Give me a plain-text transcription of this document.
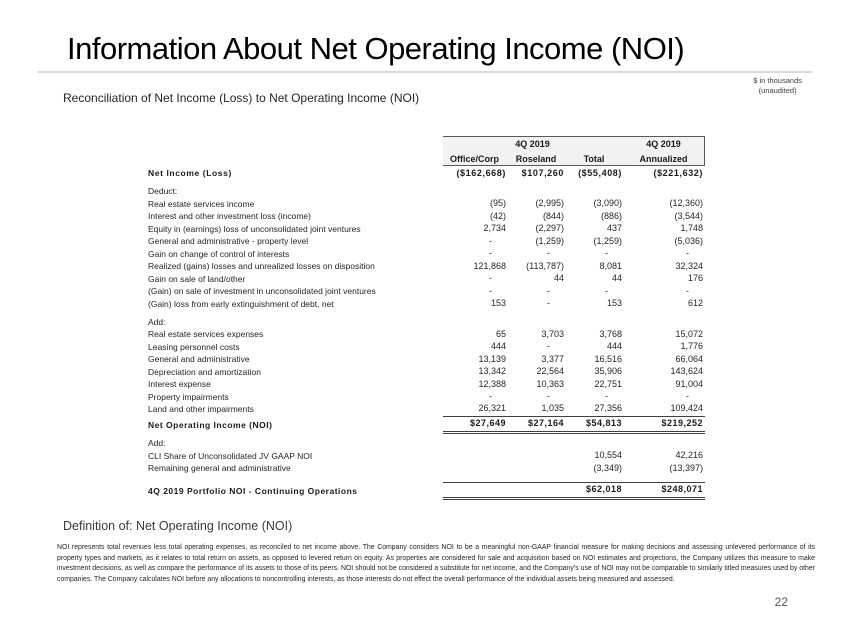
Information About Net Operating Income (NOI)
$ in thousands
(unaudited)
Reconciliation of Net Income (Loss) to Net Operating Income (NOI)
	4Q 2019			4Q 2019
	Office/Corp	Roseland	Total	Annualized
Net Income (Loss)	($162,668)	$107,260	($55,408)	($221,632)
Deduct:				
Real estate services income	(95)	(2,995)	(3,090)	(12,360)
Interest and other investment loss (income)	(42)	(844)	(886)	(3,544)
Equity in (earnings) loss of unconsolidated joint ventures	2,734	(2,297)	437	1,748
General and administrative - property level	-	(1,259)	(1,259)	(5,036)
Gain on change of control of interests	-	-	-	-
Realized (gains) losses and unrealized losses on disposition	121,868	(113,787)	8,081	32,324
Gain on sale of land/other	-	44	44	176
(Gain) on sale of investment in unconsolidated joint ventures	-	-	-	-
(Gain) loss from early extinguishment of debt, net	153	-	153	612
Add:				
Real estate services expenses	65	3,703	3,768	15,072
Leasing personnel costs	444	-	444	1,776
General and administrative	13,139	3,377	16,516	66,064
Depreciation and amortization	13,342	22,564	35,906	143,624
Interest expense	12,388	10,363	22,751	91,004
Property impairments	-	-	-	-
Land and other impairments	26,321	1,035	27,356	109,424
Net Operating Income (NOI)	$27,649	$27,164	$54,813	$219,252
Add:				
CLI Share of Unconsolidated JV GAAP NOI			10,554	42,216
Remaining general and administrative			(3,349)	(13,397)

4Q 2019 Portfolio NOI - Continuing Operations			$62,018	$248,071
Definition of: Net Operating Income (NOI)
NOI represents total revenues less total operating expenses, as reconciled to net income above. The Company considers NOI to be a meaningful non-GAAP financial measure for making decisions and assessing unlevered performance of its property types and markets, as it relates to total return on assets, as opposed to levered return on equity. As properties are considered for sale and acquisition based on NOI estimates and projections, the Company utilizes this measure to make investment decisions, as well as compare the performance of its assets to those of its peers. NOI should not be considered a substitute for net income, and the Company’s use of NOI may not be comparable to similarly titled measures used by other companies. The Company calculates NOI before any allocations to noncontrolling interests, as those interests do not effect the overall performance of the individual assets being measured and assessed.
22
